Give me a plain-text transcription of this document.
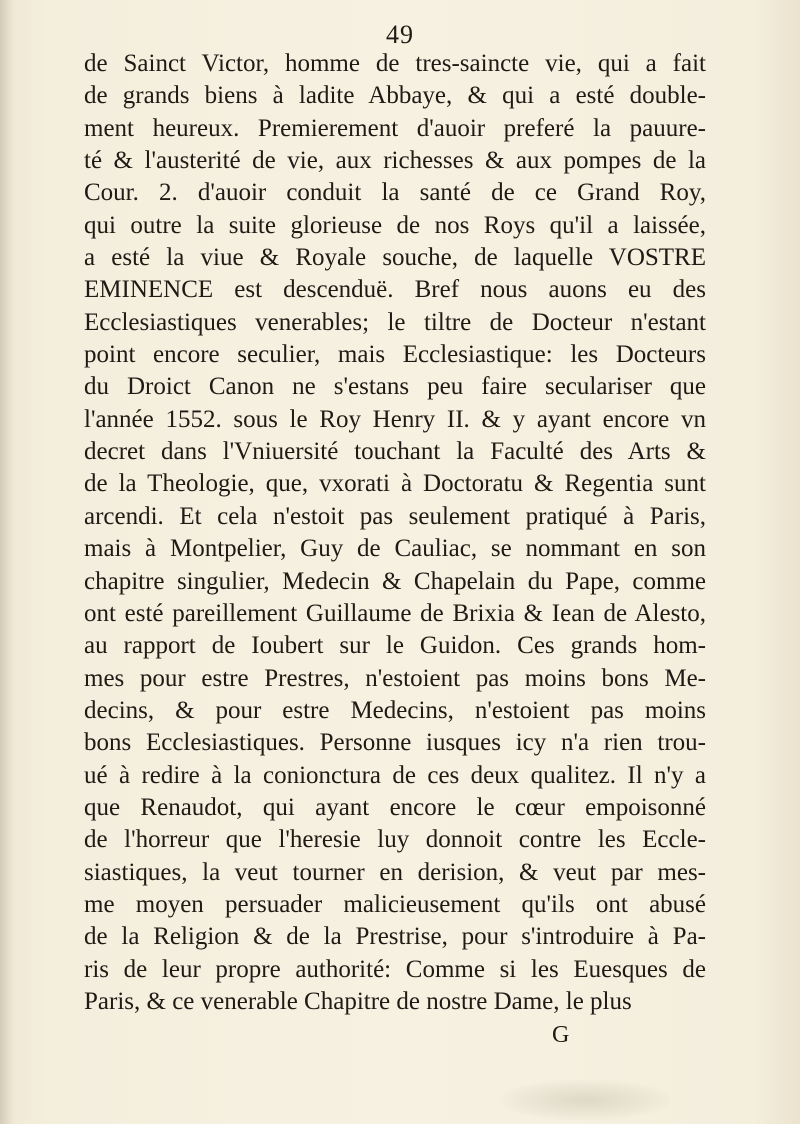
49
de Sainct Victor, homme de tres-saincte vie, qui a fait
de grands biens à ladite Abbaye, & qui a esté double-
ment heureux. Premierement d'auoir preferé la pauure-
té & l'austerité de vie, aux richesses & aux pompes de la
Cour. 2. d'auoir conduit la santé de ce Grand Roy,
qui outre la suite glorieuse de nos Roys qu'il a laissée,
a esté la viue & Royale souche, de laquelle VOSTRE
EMINENCE est descenduë. Bref nous auons eu des
Ecclesiastiques venerables; le tiltre de Docteur n'estant
point encore seculier, mais Ecclesiastique: les Docteurs
du Droict Canon ne s'estans peu faire seculariser que
l'année 1552. sous le Roy Henry II. & y ayant encore vn
decret dans l'Vniuersité touchant la Faculté des Arts &
de la Theologie, que, vxorati à Doctoratu & Regentia sunt
arcendi. Et cela n'estoit pas seulement pratiqué à Paris,
mais à Montpelier, Guy de Cauliac, se nommant en son
chapitre singulier, Medecin & Chapelain du Pape, comme
ont esté pareillement Guillaume de Brixia & Iean de Alesto,
au rapport de Ioubert sur le Guidon. Ces grands hom-
mes pour estre Prestres, n'estoient pas moins bons Me-
decins, & pour estre Medecins, n'estoient pas moins
bons Ecclesiastiques. Personne iusques icy n'a rien trou-
ué à redire à la conionctura de ces deux qualitez. Il n'y a
que Renaudot, qui ayant encore le cœur empoisonné
de l'horreur que l'heresie luy donnoit contre les Eccle-
siastiques, la veut tourner en derision, & veut par mes-
me moyen persuader malicieusement qu'ils ont abusé
de la Religion & de la Prestrise, pour s'introduire à Pa-
ris de leur propre authorité: Comme si les Euesques de
Paris, & ce venerable Chapitre de nostre Dame, le plus
G
